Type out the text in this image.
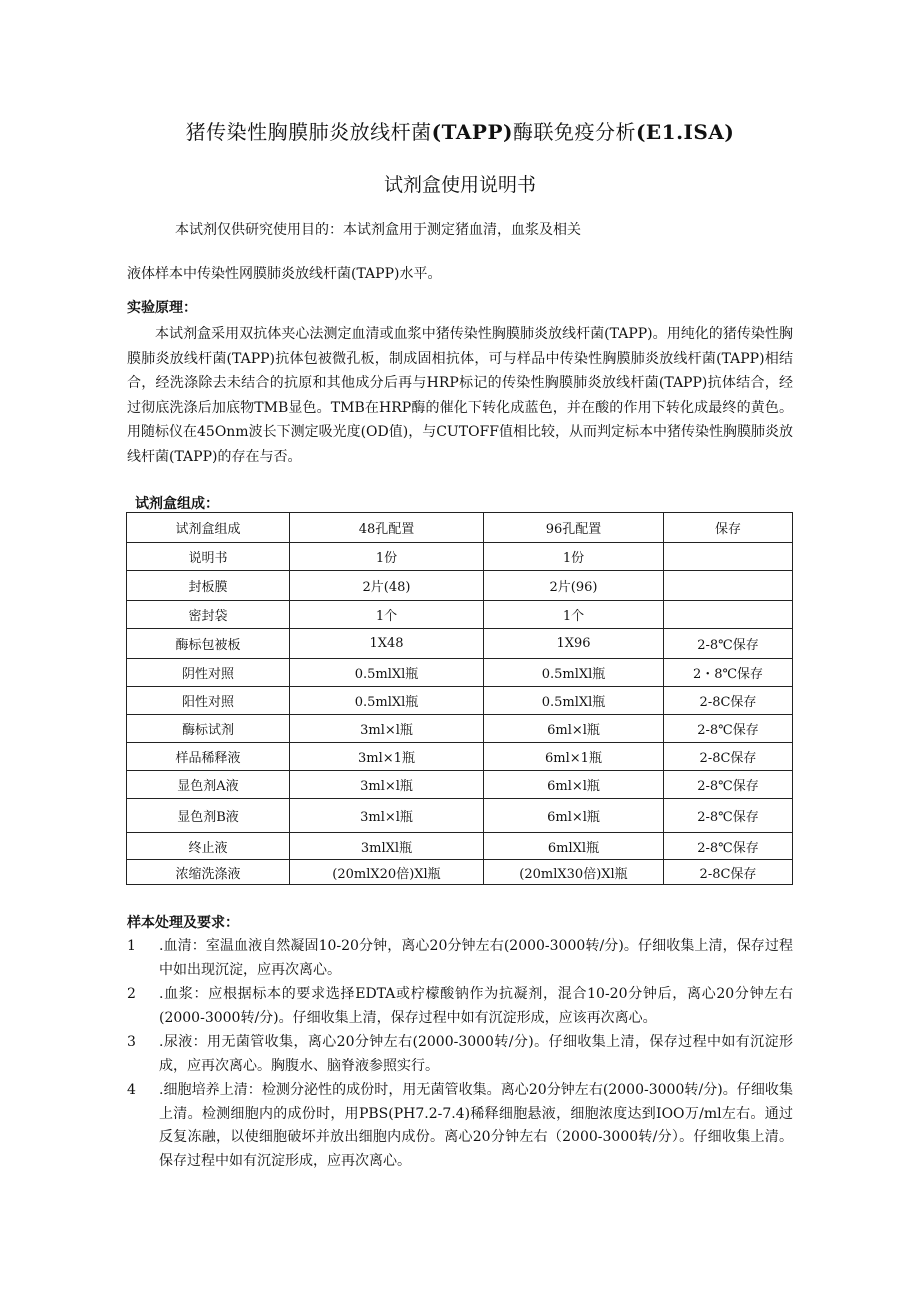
猪传染性胸膜肺炎放线杆菌(TAPP)酶联免疫分析(E1.ISA)
试剂盒使用说明书
本试剂仅供研究使用目的：本试剂盒用于测定猪血清，血浆及相关
液体样本中传染性网膜肺炎放线杆菌(TAPP)水平。
实验原理：
本试剂盒采用双抗体夹心法测定血清或血浆中猪传染性胸膜肺炎放线杆菌(TAPP)。用纯化的猪传染性胸膜肺炎放线杆菌(TAPP)抗体包被微孔板，制成固相抗体，可与样品中传染性胸膜肺炎放线杆菌(TAPP)相结合，经洗涤除去未结合的抗原和其他成分后再与HRP标记的传染性胸膜肺炎放线杆菌(TAPP)抗体结合，经过彻底洗涤后加底物TMB显色。TMB在HRP酶的催化下转化成蓝色，并在酸的作用下转化成最终的黄色。用随标仪在45Onm波长下测定吸光度(OD值)，与CUTOFF值相比较，从而判定标本中猪传染性胸膜肺炎放线杆菌(TAPP)的存在与否。
试剂盒组成：
试剂盒组成	48孔配置	96孔配置	保存
说明书	1份	1份	
封板膜	2片(48)	2片(96)	
密封袋	1个	1个	
酶标包被板	1X48	1X96	2-8℃保存
阴性对照	0.5mlXl瓶	0.5mlXl瓶	2・8℃保存
阳性对照	0.5mlXl瓶	0.5mlXl瓶	2-8C保存
酶标试剂	3ml×l瓶	6ml×l瓶	2-8℃保存
样品稀释液	3ml×1瓶	6ml×1瓶	2-8C保存
显色剂A液	3ml×l瓶	6ml×l瓶	2-8℃保存
显色剂B液	3ml×l瓶	6ml×l瓶	2-8℃保存
终止液	3mlXl瓶	6mlXl瓶	2-8℃保存
浓缩洗涤液	(20mlX20倍)Xl瓶	(20mlX30倍)Xl瓶	2-8C保存
样本处理及要求：
1 .血清：室温血液自然凝固10-20分钟，离心20分钟左右(2000-3000转/分)。仔细收集上清，保存过程中如出现沉淀，应再次离心。
2 .血浆：应根据标本的要求选择EDTA或柠檬酸钠作为抗凝剂，混合10-20分钟后，离心20分钟左右(2000-3000转/分)。仔细收集上清，保存过程中如有沉淀形成，应该再次离心。
3 .尿液：用无菌管收集，离心20分钟左右(2000-3000转/分)。仔细收集上清，保存过程中如有沉淀形成，应再次离心。胸腹水、脑脊液参照实行。
4 .细胞培养上清：检测分泌性的成份时，用无菌管收集。离心20分钟左右(2000-3000转/分)。仔细收集上清。检测细胞内的成份时，用PBS(PH7.2-7.4)稀释细胞悬液，细胞浓度达到IOO万/ml左右。通过反复冻融，以使细胞破坏并放出细胞内成份。离心20分钟左右（2000-3000转/分）。仔细收集上清。保存过程中如有沉淀形成，应再次离心。
